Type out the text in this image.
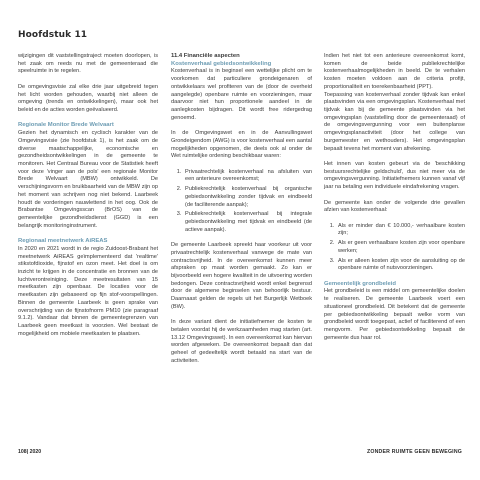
Hoofdstuk 11

wijzigingen dit vaststellingstraject moeten doorlopen, is het zaak om reeds nu met de gemeenteraad die speelruimte in te regelen.

De omgevingsvisie zal elke drie jaar uitgebreid tegen het licht worden gehouden, waarbij niet alleen de omgeving (trends en ontwikkelingen), maar ook het beleid en de acties worden geëvalueerd.

Regionale Monitor Brede Welvaart

Gezien het dynamisch en cyclisch karakter van de Omgevingsvisie (zie hoofdstuk 1), is het zaak om de diverse maatschappelijke, economische en gezondheidsontwikkelingen in de gemeente te monitoren. Het Centraal Bureau voor de Statistiek heeft voor deze 'vinger aan de pols' een regionale Monitor Brede Welvaart (MBW) ontwikkeld. De verschijningsvorm en bruikbaarheid van de MBW zijn op het moment van schrijven nog niet bekend. Laarbeek houdt de vorderingen nauwlettend in het oog. Ook de Brabantse Omgevingsscan (BrOS) van de gemeentelijke gezondheidsdienst (GGD) is een belangrijk monitoringinstrument.

Regionaal meetnetwerk AiREAS

In 2020 en 2021 wordt in de regio Zuidoost-Brabant het meetnetwerk AiREAS geïmplementeerd dat 'realtime' stikstofdioxide, fijnstof en ozon meet. Het doel is om inzicht te krijgen in de concentratie en bronnen van de luchtverontreiniging. Deze meetresultaten van 15 meetkasten zijn openbaar. De locaties voor de meetkasten zijn gebaseerd op fijn stof-voorspellingen. Binnen de gemeente Laarbeek is geen sprake van overschrijding van de fijnstofnorm PM10 (zie paragraaf 9.1.2). Vandaar dat binnen de gemeentegrenzen van Laarbeek geen meetkast is voorzien. Wel bestaat de mogelijkheid om mobiele meetkasten te plaatsen.

11.4 Financiële aspecten
Kostenverhaal gebiedsontwikkeling

Kostenverhaal is in beginsel een wettelijke plicht om te voorkomen dat particuliere grondeigenaren of ontwikkelaars wel profiteren van de (door de overheid aangelegde) openbare ruimte en voorzieningen, maar daarvoor niet hun proportionele aandeel in de aanlegkosten bijdragen. Dit wordt free ridergedrag genoemd.

In de Omgevingswet en in de Aanvullingswet Grondeigendom (AWG) is voor kostenverhaal een aantal mogelijkheden opgenomen, die deels ook al onder de Wet ruimtelijke ordening beschikbaar waren:

1. Privaatrechtelijk kostenverhaal na afsluiten van een anterieure overeenkomst;
2. Publiekrechtelijk kostenverhaal bij organische gebiedsontwikkeling zonder tijdvak en eindbeeld (de faciliterende aanpak);
3. Publiekrechtelijk kostenverhaal bij integrale gebiedsontwikkeling met tijdvak en eindbeeld (de actieve aanpak).

De gemeente Laarbeek spreekt haar voorkeur uit voor privaatrechtelijk kostenverhaal vanwege de mate van contractsvrijheid. In de overeenkomst kunnen meer afspraken op maat worden gemaakt. Zo kan er bijvoorbeeld een hogere kwaliteit in de uitvoering worden bedongen. Deze contractsvrijheid wordt enkel begrensd door de algemene beginselen van behoorlijk bestuur. Daarnaast gelden de regels uit het Burgerlijk Wetboek (BW).

In deze variant dient de initiatiefnemer de kosten te betalen voordat hij de werkzaamheden mag starten (art. 13.12 Omgevingswet). In een overeenkomst kan hiervan worden afgeweken. De overeenkomst bepaalt dan dat geheel of gedeeltelijk wordt betaald na start van de activiteiten.

Indien het niet tot een anterieure overeenkomst komt, komen de beide publiekrechtelijke kostenverhaalmogelijkheden in beeld. De te verhalen kosten moeten voldoen aan de criteria profijt, proportionaliteit en toerekenbaarheid (PPT).

Toepassing van kostenverhaal zonder tijdvak kan enkel plaatsvinden via een omgevingsplan. Kostenverhaal met tijdvak kan bij de gemeente plaatsvinden via het omgevingsplan (vaststelling door de gemeenteraad) of de omgevingsvergunning voor een buitenplanse omgevingsplanactiviteit (door het college van burgemeester en wethouders). Het omgevingsplan bepaalt tevens het moment van afrekening.

Het innen van kosten gebeurt via de 'beschikking bestuursrechtelijke geldschuld', dus niet meer via de omgevingsvergunning. Initiatiefnemers kunnen vanaf vijf jaar na betaling een individuele eindafrekening vragen.

De gemeente kan onder de volgende drie gevallen afzien van kostenverhaal:

1. Als er minder dan € 10.000,- verhaalbare kosten zijn;
2. Als er geen verhaalbare kosten zijn voor openbare werken;
3. Als er alleen kosten zijn voor de aansluiting op de openbare ruimte of nutsvoorzieningen.
Gemeentelijk grondbeleid

Het grondbeleid is een middel om gemeentelijke doelen te realiseren. De gemeente Laarbeek voert een situationeel grondbeleid. Dit betekent dat de gemeente per gebiedsontwikkeling bepaalt welke vorm van grondbeleid wordt toegepast, actief of faciliterend of een mengvorm. Per gebiedsontwikkeling bepaalt de gemeente dus haar rol.

108| 2020	ZONDER RUIMTE GEEN BEWEGING
